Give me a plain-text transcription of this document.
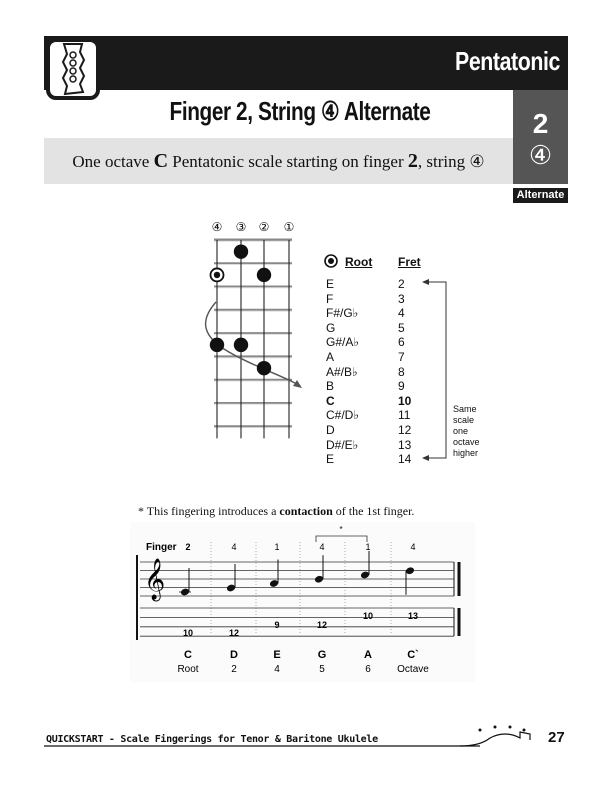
Pentatonic
Finger 2, String ④ Alternate	2
④
Alternate
One octave C Pentatonic scale starting on finger 2, string ④
④ ③ ② ①
Root Fret
E	2
F	3
F#/G♭	4
G	5
G#/A♭	6
A	7
A#/B♭	8
B	9
C	10
C#/D♭	11
D	12
D#/E♭	13
E	14
Same
scale
one
octave
higher
* This fingering introduces a contaction of the 1st finger.
Finger 2	4	1	4	1	4
*
𝄞
10	12
9	12
10	13
C	D	E	G	A	C`
Root	2	4	5	6	Octave
QUICKSTART - Scale Fingerings for Tenor & Baritone Ukulele	27
